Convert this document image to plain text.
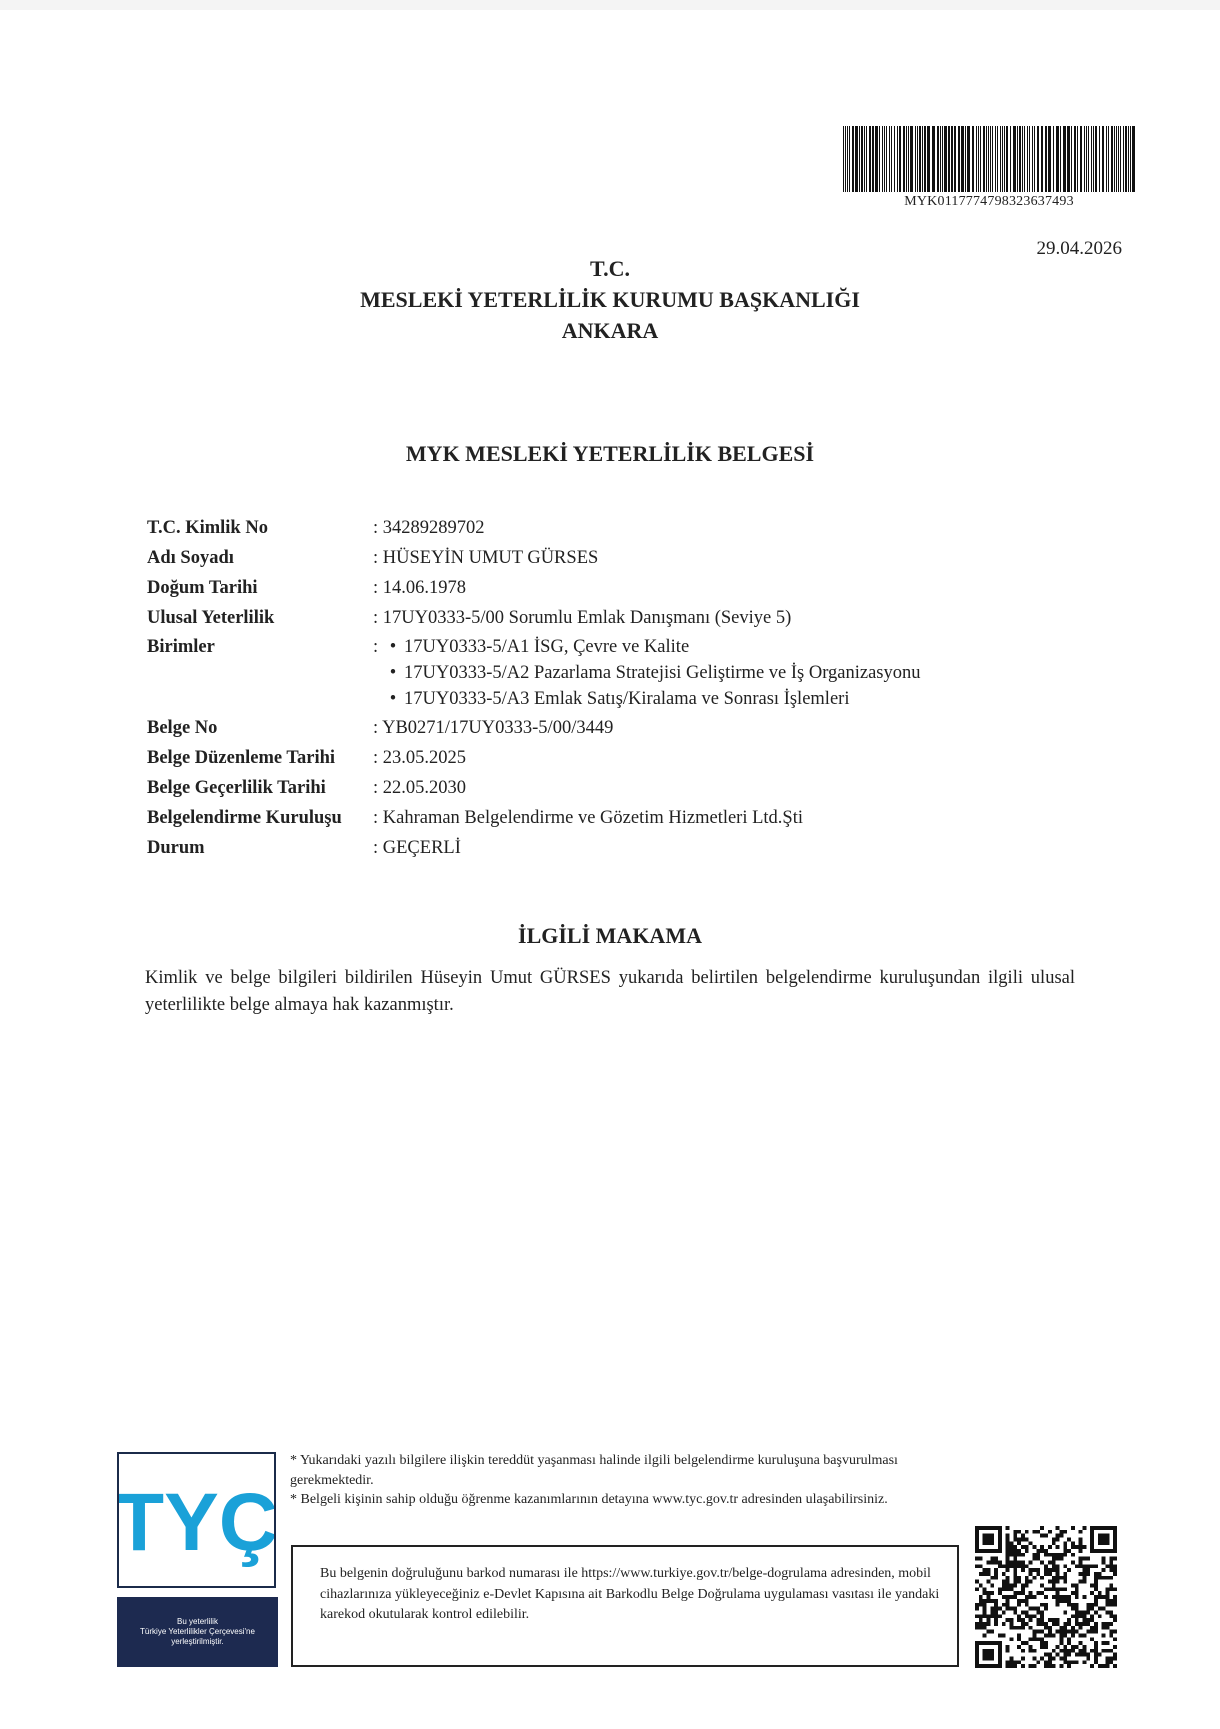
MYK0117774798323637493
29.04.2026
T.C.
MESLEKİ YETERLİLİK KURUMU BAŞKANLIĞI
ANKARA
MYK MESLEKİ YETERLİLİK BELGESİ
T.C. Kimlik No	: 34289289702
Adı Soyadı	: HÜSEYİN UMUT GÜRSES
Doğum Tarihi	: 14.06.1978
Ulusal Yeterlilik	: 17UY0333-5/00 Sorumlu Emlak Danışmanı (Seviye 5)
Birimler	: • 17UY0333-5/A1 İSG, Çevre ve Kalite
• 17UY0333-5/A2 Pazarlama Stratejisi Geliştirme ve İş Organizasyonu
• 17UY0333-5/A3 Emlak Satış/Kiralama ve Sonrası İşlemleri
Belge No	: YB0271/17UY0333-5/00/3449
Belge Düzenleme Tarihi : 23.05.2025
Belge Geçerlilik Tarihi	: 22.05.2030
Belgelendirme Kuruluşu : Kahraman Belgelendirme ve Gözetim Hizmetleri Ltd.Şti
Durum	: GEÇERLİ
İLGİLİ MAKAMA
Kimlik ve belge bilgileri bildirilen Hüseyin Umut GÜRSES yukarıda belirtilen belgelendirme kuruluşundan ilgili ulusal yeterlilikte belge almaya hak kazanmıştır.
TYÇ
Bu yeterlilik
Türkiye Yeterlilikler Çerçevesi'ne
yerleştirilmiştir.
* Yukarıdaki yazılı bilgilere ilişkin tereddüt yaşanması halinde ilgili belgelendirme kuruluşuna başvurulması gerekmektedir.
* Belgeli kişinin sahip olduğu öğrenme kazanımlarının detayına www.tyc.gov.tr adresinden ulaşabilirsiniz.
Bu belgenin doğruluğunu barkod numarası ile https://www.turkiye.gov.tr/belge-dogrulama adresinden, mobil cihazlarınıza yükleyeceğiniz e-Devlet Kapısına ait Barkodlu Belge Doğrulama uygulaması vasıtası ile yandaki karekod okutularak kontrol edilebilir.
